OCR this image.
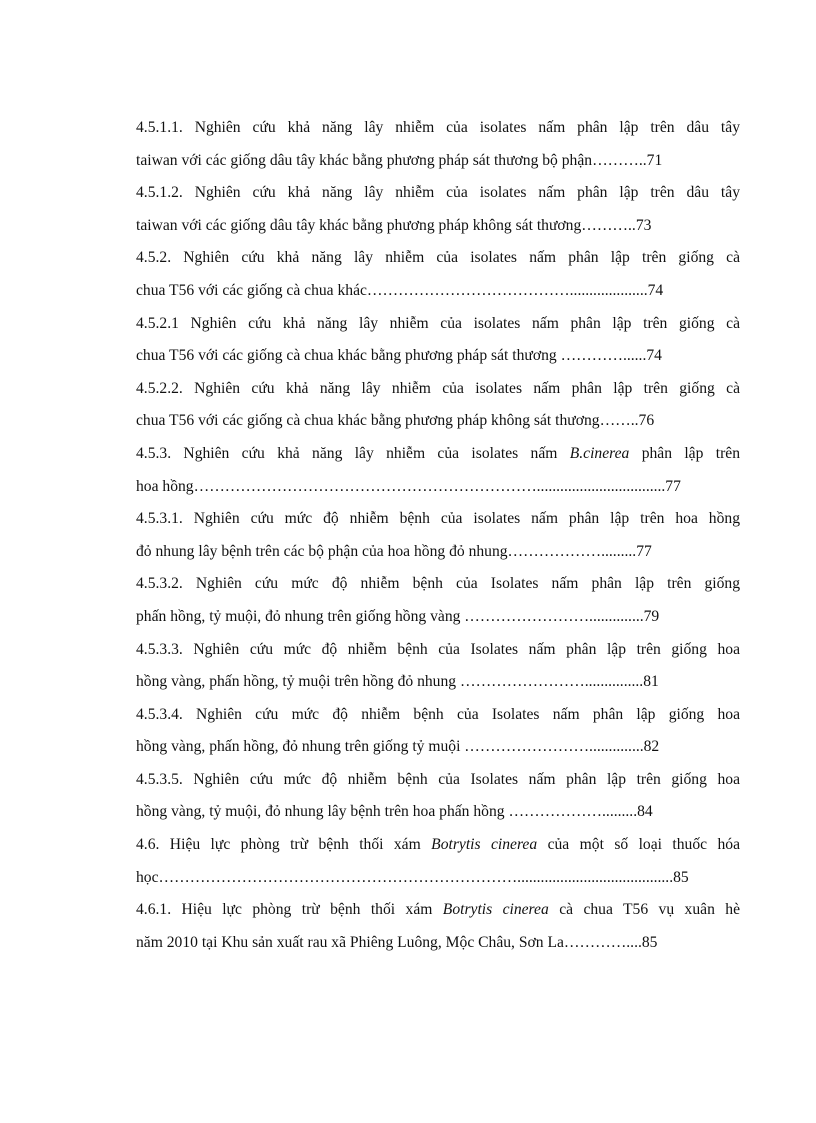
4.5.1.1. Nghiên cứu khả năng lây nhiễm của isolates nấm phân lập trên dâu tây
taiwan với các giống dâu tây khác bằng phương pháp sát thương bộ phận………..71
4.5.1.2. Nghiên cứu khả năng lây nhiễm của isolates nấm phân lập trên dâu tây
taiwan với các giống dâu tây khác bằng phương pháp không sát thương………..73
4.5.2. Nghiên cứu khả năng lây nhiễm của isolates nấm phân lập trên giống cà
chua T56 với các giống cà chua khác…………………………………....................74
4.5.2.1 Nghiên cứu khả năng lây nhiễm của isolates nấm phân lập trên giống cà
chua T56 với các giống cà chua khác bằng phương pháp sát thương …………......74
4.5.2.2. Nghiên cứu khả năng lây nhiễm của isolates nấm phân lập trên giống cà
chua T56 với các giống cà chua khác bằng phương pháp không sát thương……..76
4.5.3. Nghiên cứu khả năng lây nhiễm của isolates nấm B.cinerea phân lập trên
hoa hồng………………………………………………………….................................77
4.5.3.1. Nghiên cứu mức độ nhiễm bệnh của isolates nấm phân lập trên hoa hồng
đỏ nhung lây bệnh trên các bộ phận của hoa hồng đỏ nhung……………….........77
4.5.3.2. Nghiên cứu mức độ nhiễm bệnh của Isolates nấm phân lập trên giống
phấn hồng, tỷ muội, đỏ nhung trên giống hồng vàng ……………………..............79
4.5.3.3. Nghiên cứu mức độ nhiễm bệnh của Isolates nấm phân lập trên giống hoa
hồng vàng, phấn hồng, tỷ muội trên hồng đỏ nhung ……………………...............81
4.5.3.4. Nghiên cứu mức độ nhiễm bệnh của Isolates nấm phân lập giống hoa
hồng vàng, phấn hồng, đỏ nhung trên giống tỷ muội ……………………..............82
4.5.3.5. Nghiên cứu mức độ nhiễm bệnh của Isolates nấm phân lập trên giống hoa
hồng vàng, tỷ muội, đỏ nhung lây bệnh trên hoa phấn hồng ……………….........84
4.6. Hiệu lực phòng trừ bệnh thối xám Botrytis cinerea của một số loại thuốc hóa
học……………………………………………………………........................................85
4.6.1. Hiệu lực phòng trừ bệnh thối xám Botrytis cinerea cà chua T56 vụ xuân hè
năm 2010 tại Khu sản xuất rau xã Phiêng Luông, Mộc Châu, Sơn La…………....85
